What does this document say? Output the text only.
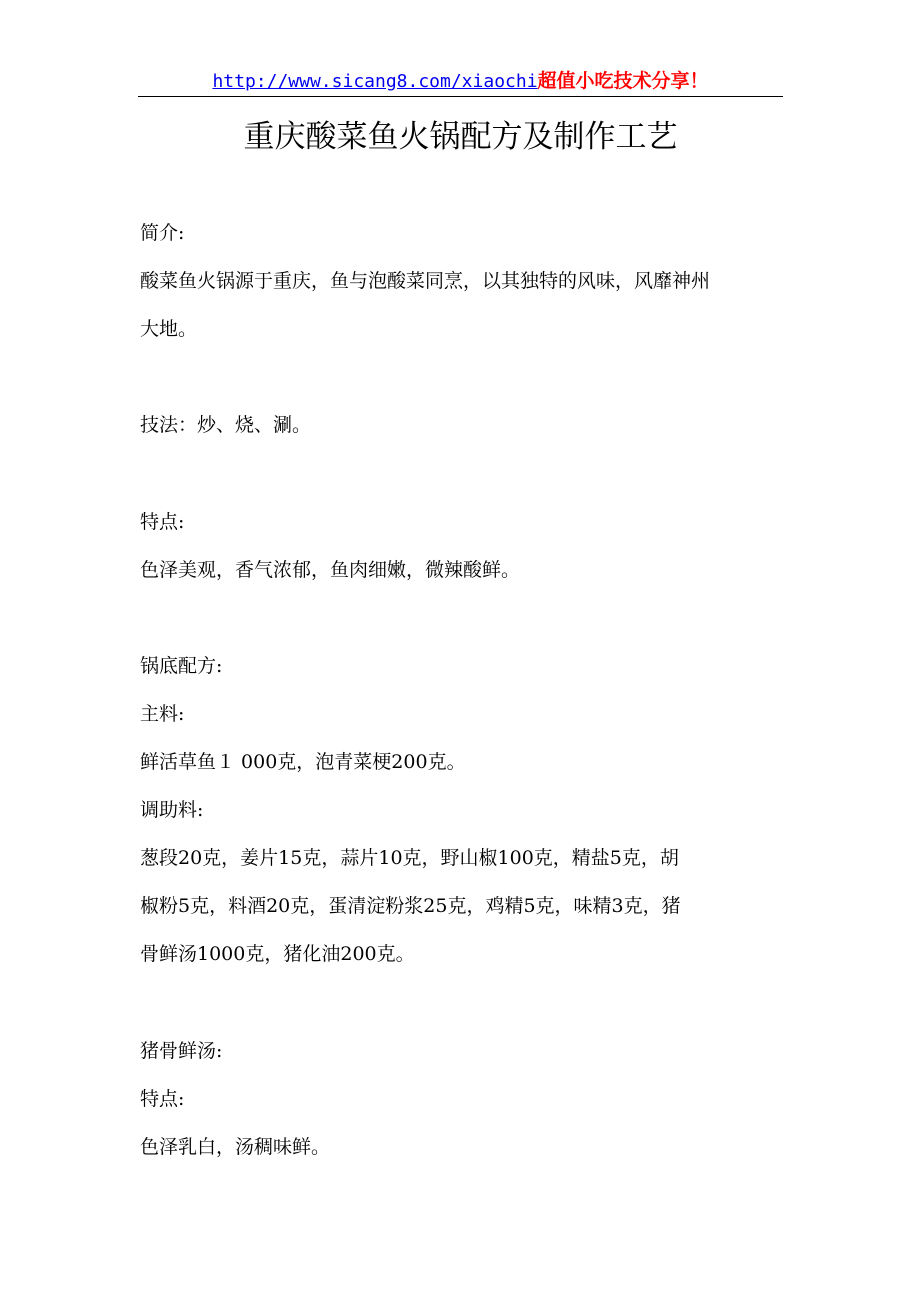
http://www.sicang8.com/xiaochi超值小吃技术分享！
重庆酸菜鱼火锅配方及制作工艺
简介:
酸菜鱼火锅源于重庆，鱼与泡酸菜同烹，以其独特的风味，风靡神州
大地。
技法：炒、烧、涮。
特点:
色泽美观，香气浓郁，鱼肉细嫩，微辣酸鲜。
锅底配方:
主料:
鲜活草鱼１ 000克，泡青菜梗200克。
调助料:
葱段20克，姜片15克，蒜片10克，野山椒100克，精盐5克，胡
椒粉5克，料酒20克，蛋清淀粉浆25克，鸡精5克，味精3克，猪
骨鲜汤1000克，猪化油200克。
猪骨鲜汤:
特点:
色泽乳白，汤稠味鲜。
